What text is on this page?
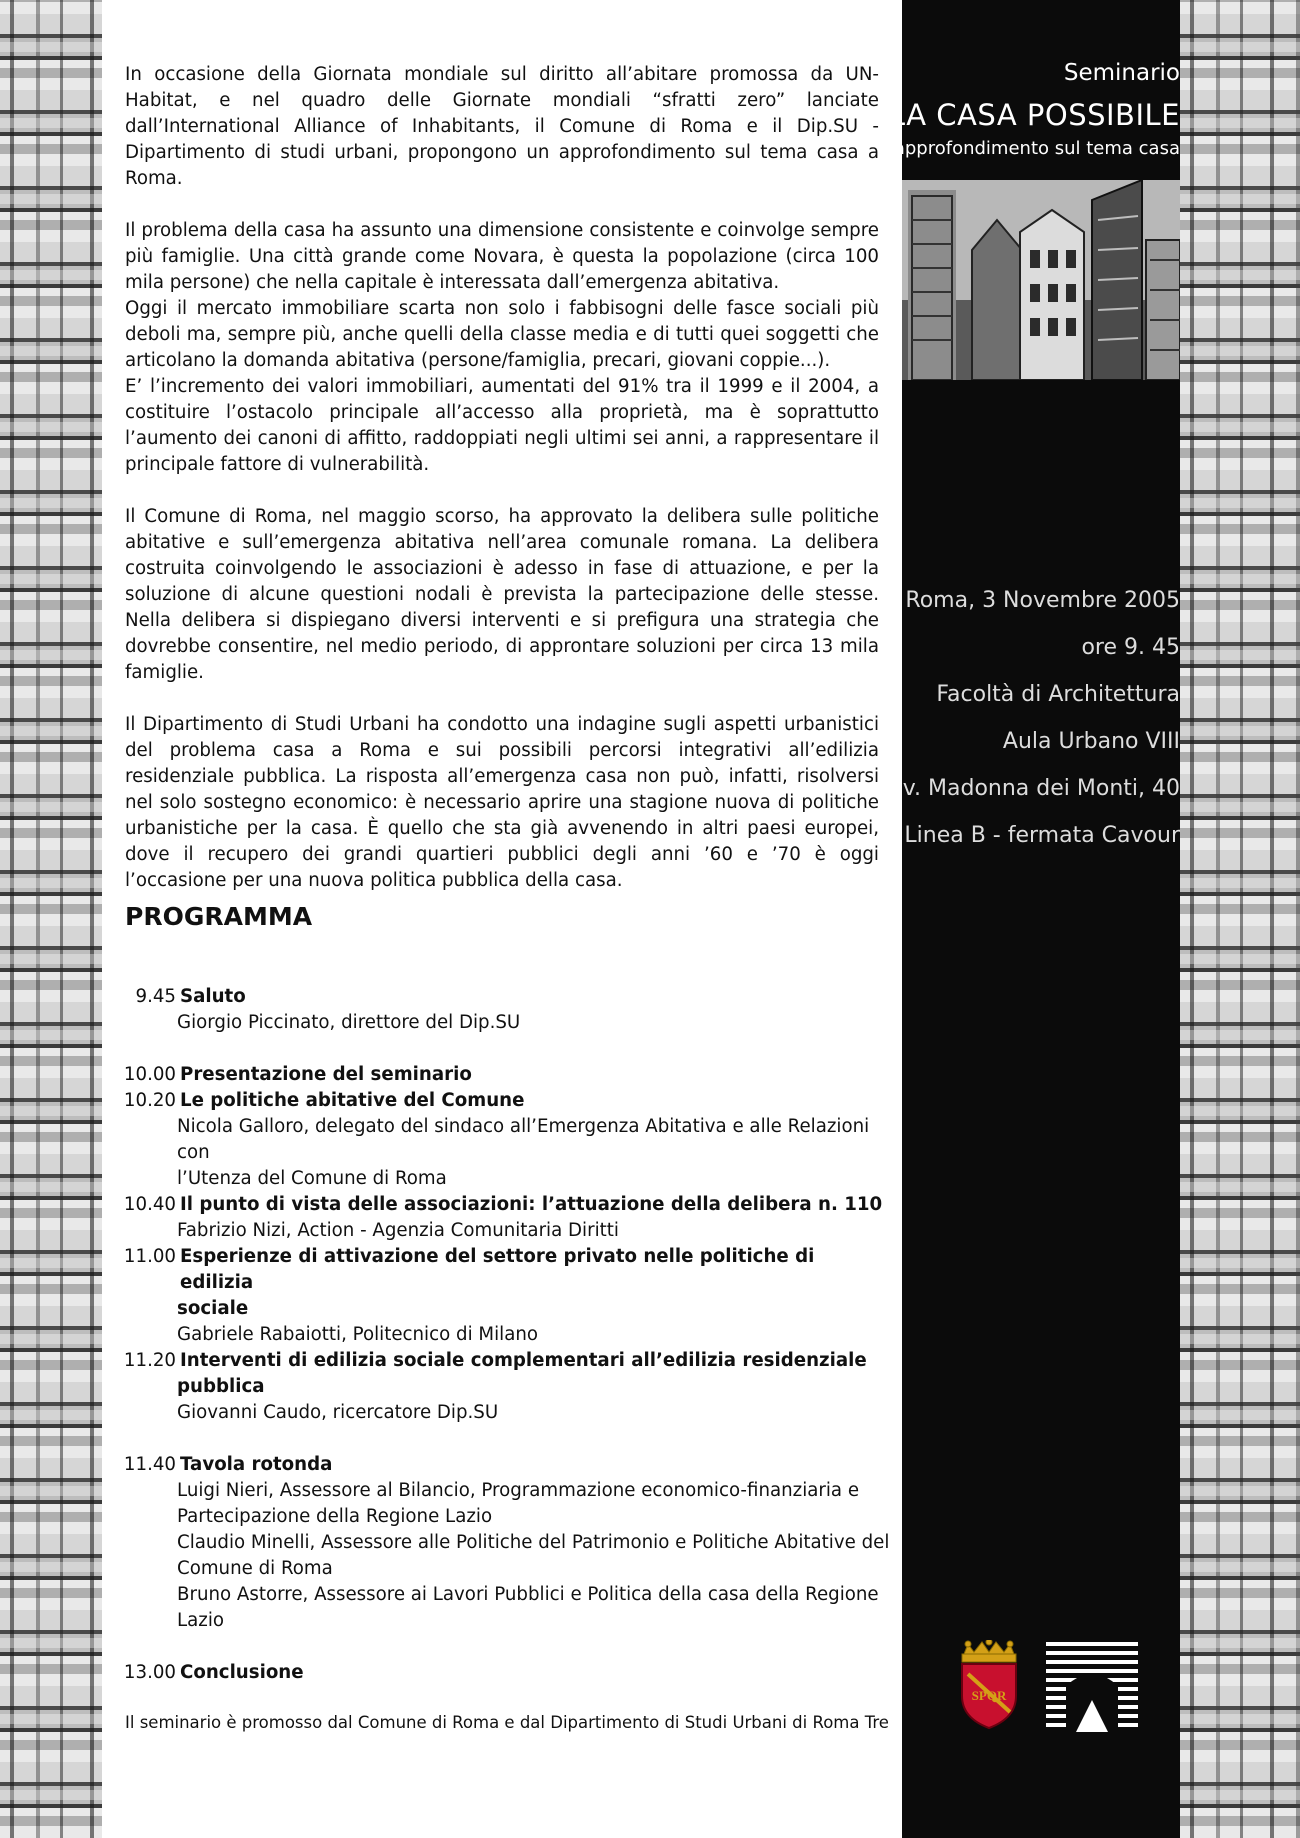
Seminario
LA CASA POSSIBILE
approfondimento sul tema casa
Roma, 3 Novembre 2005
ore 9. 45
Facoltà di Architettura
Aula Urbano VIII
v. Madonna dei Monti, 40
Linea B - fermata Cavour
SPQR

In occasione della Giornata mondiale sul diritto all’abitare promossa da UN-Habitat, e nel quadro delle Giornate mondiali “sfratti zero” lanciate dall’International Alliance of Inhabitants, il Comune di Roma e il Dip.SU - Dipartimento di studi urbani, propongono un approfondimento sul tema casa a Roma.

Il problema della casa ha assunto una dimensione consistente e coinvolge sempre più famiglie. Una città grande come Novara, è questa la popolazione (circa 100 mila persone) che nella capitale è interessata dall’emergenza abitativa.

Oggi il mercato immobiliare scarta non solo i fabbisogni delle fasce sociali più deboli ma, sempre più, anche quelli della classe media e di tutti quei soggetti che articolano la domanda abitativa (persone/famiglia, precari, giovani coppie...).

E’ l’incremento dei valori immobiliari, aumentati del 91% tra il 1999 e il 2004, a costituire l’ostacolo principale all’accesso alla proprietà, ma è soprattutto l’aumento dei canoni di affitto, raddoppiati negli ultimi sei anni, a rappresentare il principale fattore di vulnerabilità.

Il Comune di Roma, nel maggio scorso, ha approvato la delibera sulle politiche abitative e sull’emergenza abitativa nell’area comunale romana. La delibera costruita coinvolgendo le associazioni è adesso in fase di attuazione, e per la soluzione di alcune questioni nodali è prevista la partecipazione delle stesse. Nella delibera si dispiegano diversi interventi e si prefigura una strategia che dovrebbe consentire, nel medio periodo, di approntare soluzioni per circa 13 mila famiglie.

Il Dipartimento di Studi Urbani ha condotto una indagine sugli aspetti urbanistici del problema casa a Roma e sui possibili percorsi integrativi all’edilizia residenziale pubblica. La risposta all’emergenza casa non può, infatti, risolversi nel solo sostegno economico: è necessario aprire una stagione nuova di politiche urbanistiche per la casa. È quello che sta già avvenendo in altri paesi europei, dove il recupero dei grandi quartieri pubblici degli anni ’60 e ’70 è oggi l’occasione per una nuova politica pubblica della casa.

PROGRAMMA
9.45 Saluto
Giorgio Piccinato, direttore del Dip.SU
10.00 Presentazione del seminario
10.20 Le politiche abitative del Comune
Nicola Galloro, delegato del sindaco all’Emergenza Abitativa e alle Relazioni con
l’Utenza del Comune di Roma
10.40 Il punto di vista delle associazioni: l’attuazione della delibera n. 110
Fabrizio Nizi, Action - Agenzia Comunitaria Diritti
11.00 Esperienze di attivazione del settore privato nelle politiche di edilizia
sociale
Gabriele Rabaiotti, Politecnico di Milano
11.20 Interventi di edilizia sociale complementari all’edilizia residenziale
pubblica
Giovanni Caudo, ricercatore Dip.SU
11.40 Tavola rotonda
Luigi Nieri, Assessore al Bilancio, Programmazione economico-finanziaria e
Partecipazione della Regione Lazio
Claudio Minelli, Assessore alle Politiche del Patrimonio e Politiche Abitative del
Comune di Roma
Bruno Astorre, Assessore ai Lavori Pubblici e Politica della casa della Regione
Lazio
13.00 Conclusione
Il seminario è promosso dal Comune di Roma e dal Dipartimento di Studi Urbani di Roma Tre
